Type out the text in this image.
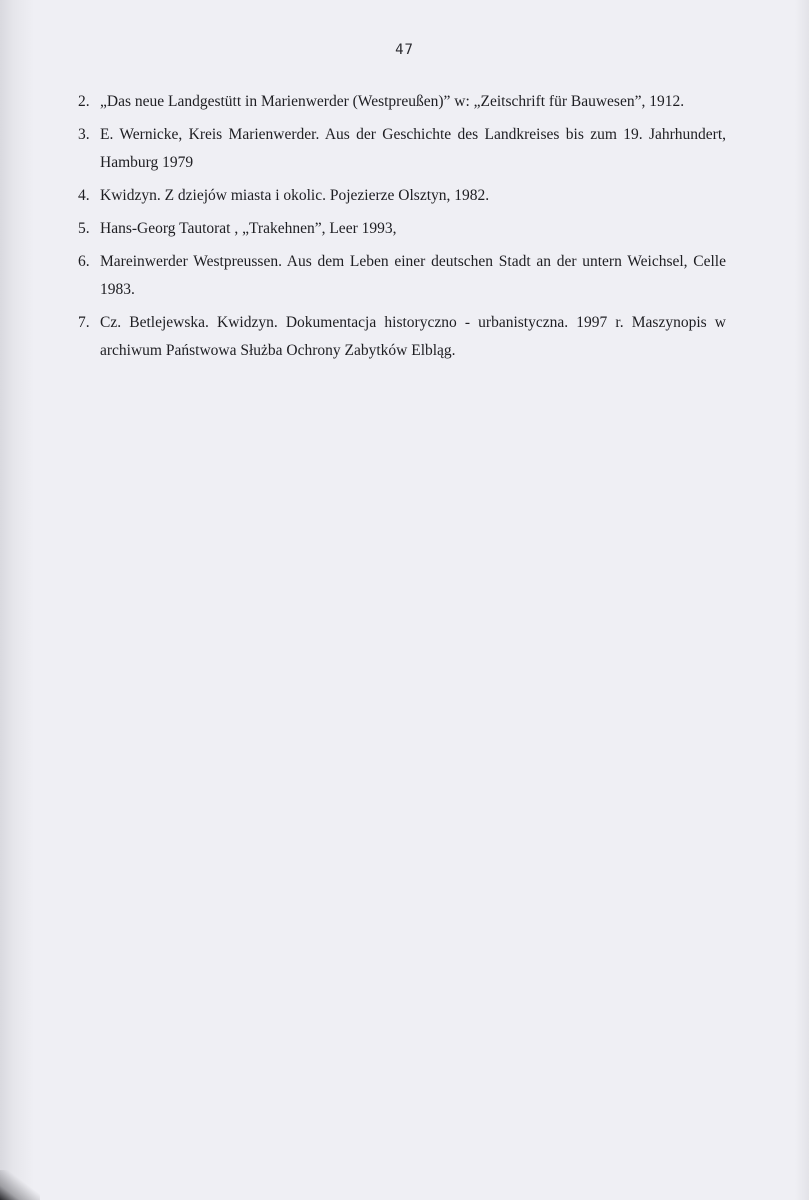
47
2. „Das neue Landgestütt in Marienwerder (Westpreußen)” w: „Zeitschrift für Bauwesen”, 1912.
3. E. Wernicke, Kreis Marienwerder. Aus der Geschichte des Landkreises bis zum 19. Jahrhundert, Hamburg 1979
4. Kwidzyn. Z dziejów miasta i okolic. Pojezierze Olsztyn, 1982.
5. Hans-Georg Tautorat , „Trakehnen”, Leer 1993,
6. Mareinwerder Westpreussen. Aus dem Leben einer deutschen Stadt an der untern Weichsel, Celle 1983.
7. Cz. Betlejewska. Kwidzyn. Dokumentacja historyczno - urbanistyczna. 1997 r. Maszynopis w archiwum Państwowa Służba Ochrony Zabytków Elbląg.
